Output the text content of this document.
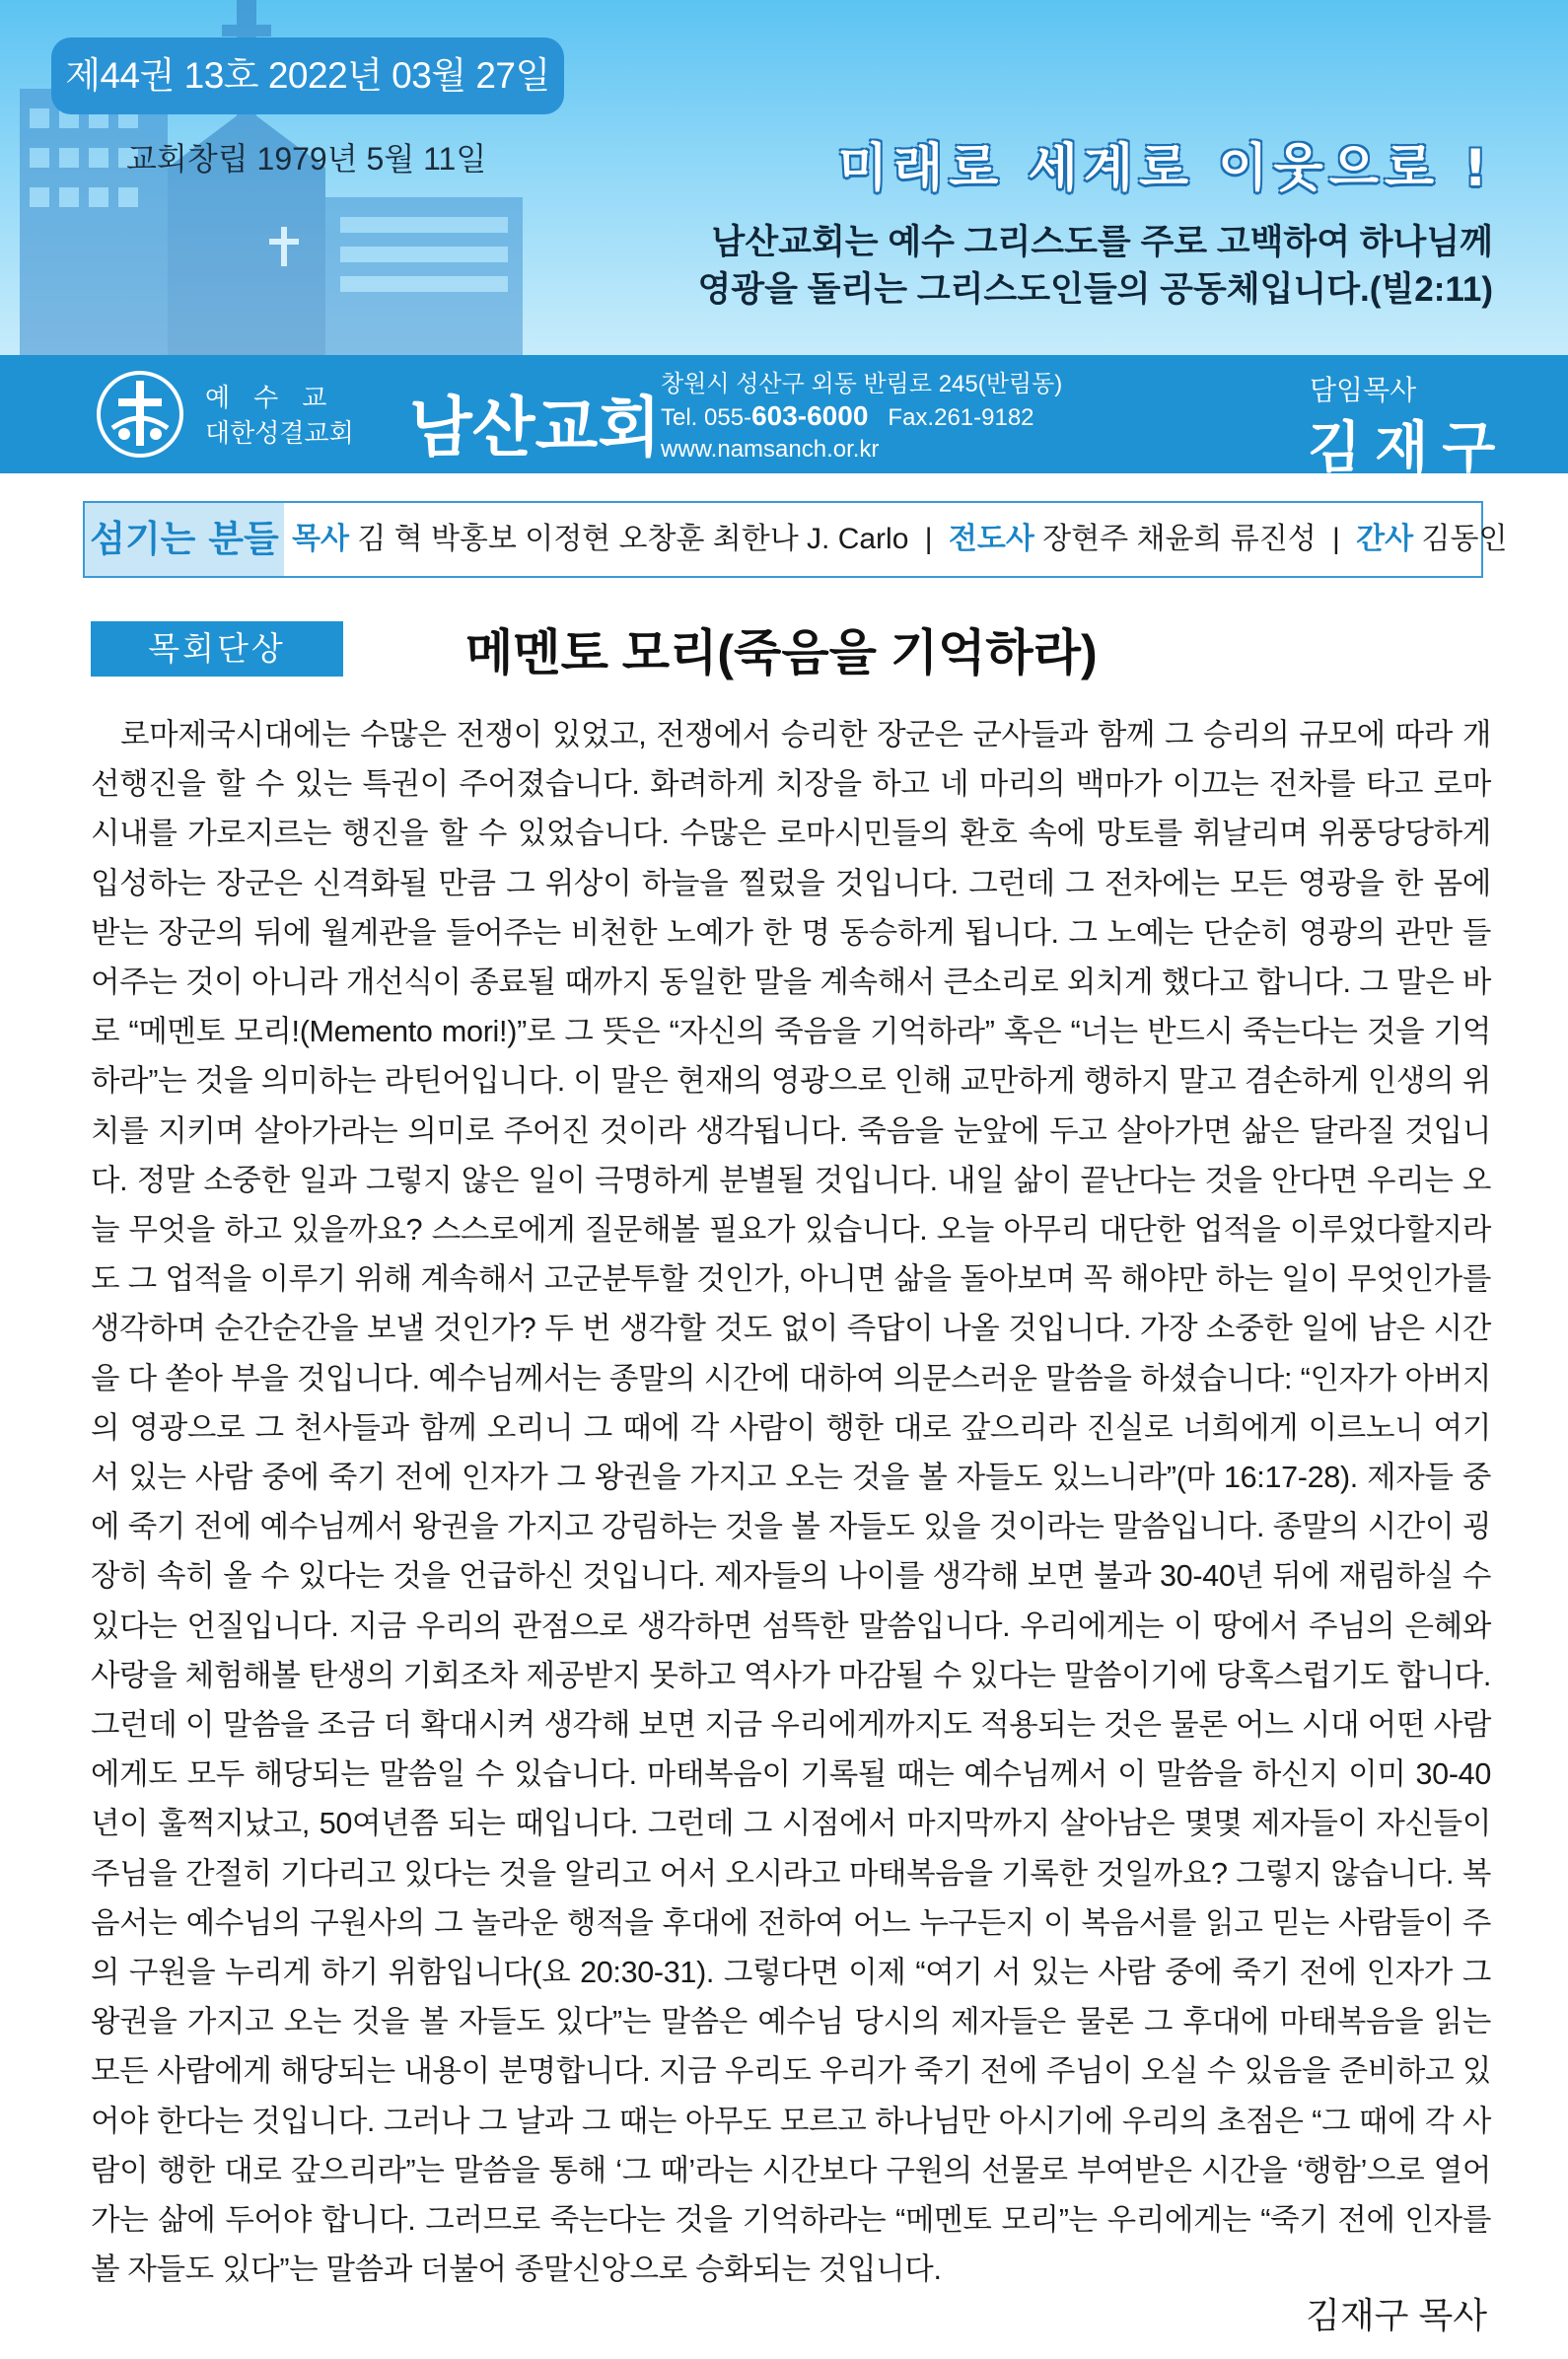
제44권 13호 2022년 03월 27일
교회창립 1979년 5월 11일	미래로 세계로 이웃으로 !
남산교회는 예수 그리스도를 주로 고백하여 하나님께
영광을 돌리는 그리스도인들의 공동체입니다.(빌2:11)
예수교
대한성결교회 남산교회
창원시 성산구 외동 반림로 245(반림동)
Tel. 055-603-6000 Fax.261-9182
www.namsanch.or.kr
담임목사
김재구
섬기는 분들 목사 김 혁 박홍보 이정현 오창훈 최한나 J. Carlo | 전도사 장현주 채윤희 류진성 | 간사 김동인
목회단상	메멘토 모리(죽음을 기억하라)

로마제국시대에는 수많은 전쟁이 있었고, 전쟁에서 승리한 장군은 군사들과 함께 그 승리의 규모에 따라 개선행진을 할 수 있는 특권이 주어졌습니다. 화려하게 치장을 하고 네 마리의 백마가 이끄는 전차를 타고 로마 시내를 가로지르는 행진을 할 수 있었습니다. 수많은 로마시민들의 환호 속에 망토를 휘날리며 위풍당당하게 입성하는 장군은 신격화될 만큼 그 위상이 하늘을 찔렀을 것입니다. 그런데 그 전차에는 모든 영광을 한 몸에 받는 장군의 뒤에 월계관을 들어주는 비천한 노예가 한 명 동승하게 됩니다. 그 노예는 단순히 영광의 관만 들어주는 것이 아니라 개선식이 종료될 때까지 동일한 말을 계속해서 큰소리로 외치게 했다고 합니다. 그 말은 바로 “메멘토 모리!(Memento mori!)”로 그 뜻은 “자신의 죽음을 기억하라” 혹은 “너는 반드시 죽는다는 것을 기억하라”는 것을 의미하는 라틴어입니다. 이 말은 현재의 영광으로 인해 교만하게 행하지 말고 겸손하게 인생의 위치를 지키며 살아가라는 의미로 주어진 것이라 생각됩니다. 죽음을 눈앞에 두고 살아가면 삶은 달라질 것입니다. 정말 소중한 일과 그렇지 않은 일이 극명하게 분별될 것입니다. 내일 삶이 끝난다는 것을 안다면 우리는 오늘 무엇을 하고 있을까요? 스스로에게 질문해볼 필요가 있습니다. 오늘 아무리 대단한 업적을 이루었다할지라도 그 업적을 이루기 위해 계속해서 고군분투할 것인가, 아니면 삶을 돌아보며 꼭 해야만 하는 일이 무엇인가를 생각하며 순간순간을 보낼 것인가? 두 번 생각할 것도 없이 즉답이 나올 것입니다. 가장 소중한 일에 남은 시간을 다 쏟아 부을 것입니다. 예수님께서는 종말의 시간에 대하여 의문스러운 말씀을 하셨습니다: “인자가 아버지의 영광으로 그 천사들과 함께 오리니 그 때에 각 사람이 행한 대로 갚으리라 진실로 너희에게 이르노니 여기 서 있는 사람 중에 죽기 전에 인자가 그 왕권을 가지고 오는 것을 볼 자들도 있느니라”(마 16:17-28). 제자들 중에 죽기 전에 예수님께서 왕권을 가지고 강림하는 것을 볼 자들도 있을 것이라는 말씀입니다. 종말의 시간이 굉장히 속히 올 수 있다는 것을 언급하신 것입니다. 제자들의 나이를 생각해 보면 불과 30-40년 뒤에 재림하실 수 있다는 언질입니다. 지금 우리의 관점으로 생각하면 섬뜩한 말씀입니다. 우리에게는 이 땅에서 주님의 은혜와 사랑을 체험해볼 탄생의 기회조차 제공받지 못하고 역사가 마감될 수 있다는 말씀이기에 당혹스럽기도 합니다. 그런데 이 말씀을 조금 더 확대시켜 생각해 보면 지금 우리에게까지도 적용되는 것은 물론 어느 시대 어떤 사람에게도 모두 해당되는 말씀일 수 있습니다. 마태복음이 기록될 때는 예수님께서 이 말씀을 하신지 이미 30-40년이 훌쩍지났고, 50여년쯤 되는 때입니다. 그런데 그 시점에서 마지막까지 살아남은 몇몇 제자들이 자신들이 주님을 간절히 기다리고 있다는 것을 알리고 어서 오시라고 마태복음을 기록한 것일까요? 그렇지 않습니다. 복음서는 예수님의 구원사의 그 놀라운 행적을 후대에 전하여 어느 누구든지 이 복음서를 읽고 믿는 사람들이 주의 구원을 누리게 하기 위함입니다(요 20:30-31). 그렇다면 이제 “여기 서 있는 사람 중에 죽기 전에 인자가 그 왕권을 가지고 오는 것을 볼 자들도 있다”는 말씀은 예수님 당시의 제자들은 물론 그 후대에 마태복음을 읽는 모든 사람에게 해당되는 내용이 분명합니다. 지금 우리도 우리가 죽기 전에 주님이 오실 수 있음을 준비하고 있어야 한다는 것입니다. 그러나 그 날과 그 때는 아무도 모르고 하나님만 아시기에 우리의 초점은 “그 때에 각 사람이 행한 대로 갚으리라”는 말씀을 통해 ‘그 때’라는 시간보다 구원의 선물로 부여받은 시간을 ‘행함’으로 열어가는 삶에 두어야 합니다. 그러므로 죽는다는 것을 기억하라는 “메멘토 모리”는 우리에게는 “죽기 전에 인자를 볼 자들도 있다”는 말씀과 더불어 종말신앙으로 승화되는 것입니다.

김재구 목사
